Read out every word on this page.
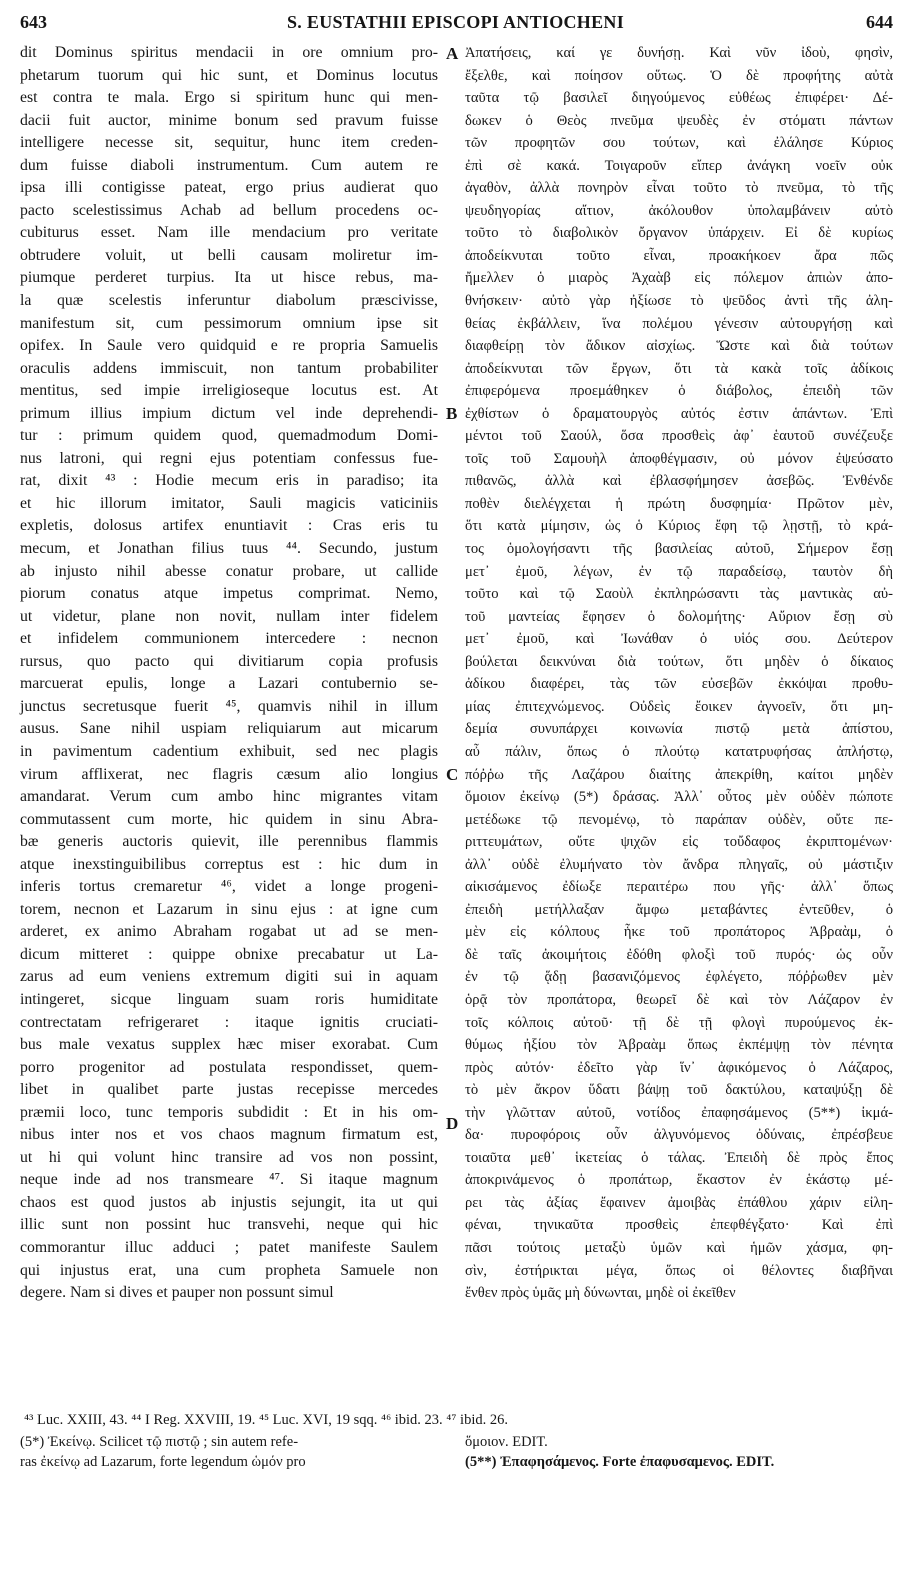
643	S. EUSTATHII EPISCOPI ANTIOCHENI	644
dit Dominus spiritus mendacii in ore omnium pro-
phetarum tuorum qui hic sunt, et Dominus locutus
est contra te mala. Ergo si spiritum hunc qui men-
dacii fuit auctor, minime bonum sed pravum fuisse
intelligere necesse sit, sequitur, hunc item creden-
dum fuisse diaboli instrumentum. Cum autem re
ipsa illi contigisse pateat, ergo prius audierat quo
pacto scelestissimus Achab ad bellum procedens oc-
cubiturus esset. Nam ille mendacium pro veritate
obtrudere voluit, ut belli causam moliretur im-
piumque perderet turpius. Ita ut hisce rebus, ma-
la quæ scelestis inferuntur diabolum præscivisse,
manifestum sit, cum pessimorum omnium ipse sit
opifex. In Saule vero quidquid e re propria Samuelis
oraculis addens immiscuit, non tantum probabiliter
mentitus, sed impie irreligioseque locutus est. At
primum illius impium dictum vel inde deprehendi-
tur : primum quidem quod, quemadmodum Domi-
nus latroni, qui regni ejus potentiam confessus fue-
rat, dixit ⁴³ : Hodie mecum eris in paradiso; ita
et hic illorum imitator, Sauli magicis vaticiniis
expletis, dolosus artifex enuntiavit : Cras eris tu
mecum, et Jonathan filius tuus ⁴⁴. Secundo, justum
ab injusto nihil abesse conatur probare, ut callide
piorum conatus atque impetus comprimat. Nemo,
ut videtur, plane non novit, nullam inter fidelem
et infidelem communionem intercedere : necnon
rursus, quo pacto qui divitiarum copia profusis
marcuerat epulis, longe a Lazari contubernio se-
junctus secretusque fuerit ⁴⁵, quamvis nihil in illum
ausus. Sane nihil uspiam reliquiarum aut micarum
in pavimentum cadentium exhibuit, sed nec plagis
virum afflixerat, nec flagris cæsum alio longius
amandarat. Verum cum ambo hinc migrantes vitam
commutassent cum morte, hic quidem in sinu Abra-
bæ generis auctoris quievit, ille perennibus flammis
atque inexstinguibilibus correptus est : hic dum in
inferis tortus cremaretur ⁴⁶, videt a longe progeni-
torem, necnon et Lazarum in sinu ejus : at igne cum
arderet, ex animo Abraham rogabat ut ad se men-
dicum mitteret : quippe obnixe precabatur ut La-
zarus ad eum veniens extremum digiti sui in aquam
intingeret, sicque linguam suam roris humiditate
contrectatam refrigeraret : itaque ignitis cruciati-
bus male vexatus supplex hæc miser exorabat. Cum
porro progenitor ad postulata respondisset, quem-
libet in qualibet parte justas recepisse mercedes
præmii loco, tunc temporis subdidit : Et in his om-
nibus inter nos et vos chaos magnum firmatum est,
ut hi qui volunt hinc transire ad vos non possint,
neque inde ad nos transmeare ⁴⁷. Si itaque magnum
chaos est quod justos ab injustis sejungit, ita ut qui
illic sunt non possint huc transvehi, neque qui hic
commorantur illuc adduci ; patet manifeste Saulem
qui injustus erat, una cum propheta Samuele non
degere. Nam si dives et pauper non possunt simul
A
B
C
D
Ἀπατήσεις, καί γε δυνήσῃ. Καὶ νῦν ἰδοὺ, φησὶν,
ἔξελθε, καὶ ποίησον οὕτως. Ὁ δὲ προφήτης αὐτὰ
ταῦτα τῷ βασιλεῖ διηγούμενος εὐθέως ἐπιφέρει· Δέ-
δωκεν ὁ Θεὸς πνεῦμα ψευδὲς ἐν στόματι πάντων
τῶν προφητῶν σου τούτων, καὶ ἐλάλησε Κύριος
ἐπὶ σὲ κακά. Τοιγαροῦν εἴπερ ἀνάγκη νοεῖν οὐκ
ἀγαθὸν, ἀλλὰ πονηρὸν εἶναι τοῦτο τὸ πνεῦμα, τὸ τῆς
ψευδηγορίας αἴτιον, ἀκόλουθον ὑπολαμβάνειν αὐτὸ
τοῦτο τὸ διαβολικὸν ὄργανον ὑπάρχειν. Εἰ δὲ κυρίως
ἀποδείκνυται τοῦτο εἶναι, προακήκοεν ἄρα πῶς
ἤμελλεν ὁ μιαρὸς Ἀχαὰβ εἰς πόλεμον ἀπιὼν ἀπο-
θνήσκειν· αὐτὸ γὰρ ἠξίωσε τὸ ψεῦδος ἀντὶ τῆς ἀλη-
θείας ἐκβάλλειν, ἵνα πολέμου γένεσιν αὐτουργήσῃ καὶ
διαφθείρῃ τὸν ἄδικον αἰσχίως. Ὥστε καὶ διὰ τούτων
ἀποδείκνυται τῶν ἔργων, ὅτι τὰ κακὰ τοῖς ἀδίκοις
ἐπιφερόμενα προεμάθηκεν ὁ διάβολος, ἐπειδὴ τῶν
ἐχθίστων ὁ δραματουργὸς αὐτός ἐστιν ἁπάντων. Ἐπὶ
μέντοι τοῦ Σαούλ, ὅσα προσθεὶς ἀφ᾽ ἑαυτοῦ συνέζευξε
τοῖς τοῦ Σαμουὴλ ἀποφθέγμασιν, οὐ μόνον ἐψεύσατο
πιθανῶς, ἀλλὰ καὶ ἐβλασφήμησεν ἀσεβῶς. Ἐνθένδε
ποθὲν διελέγχεται ἡ πρώτη δυσφημία· Πρῶτον μὲν,
ὅτι κατὰ μίμησιν, ὡς ὁ Κύριος ἔφη τῷ λῃστῇ, τὸ κρά-
τος ὁμολογήσαντι τῆς βασιλείας αὐτοῦ, Σήμερον ἔσῃ
μετ᾽ ἐμοῦ, λέγων, ἐν τῷ παραδείσῳ, ταυτὸν δὴ
τοῦτο καὶ τῷ Σαοὺλ ἐκπληρώσαντι τὰς μαντικὰς αὐ-
τοῦ μαντείας ἔφησεν ὁ δολομήτης· Αὔριον ἔσῃ σὺ
μετ᾽ ἐμοῦ, καὶ Ἰωνάθαν ὁ υἱός σου. Δεύτερον
βούλεται δεικνύναι διὰ τούτων, ὅτι μηδὲν ὁ δίκαιος
ἀδίκου διαφέρει, τὰς τῶν εὐσεβῶν ἐκκόψαι προθυ-
μίας ἐπιτεχνώμενος. Οὐδεὶς ἔοικεν ἀγνοεῖν, ὅτι μη-
δεμία συνυπάρχει κοινωνία πιστῷ μετὰ ἀπίστου,
αὖ πάλιν, ὅπως ὁ πλούτῳ κατατρυφήσας ἀπλήστῳ,
πόῤῥω τῆς Λαζάρου διαίτης ἀπεκρίθη, καίτοι μηδὲν
ὅμοιον ἐκείνῳ (5*) δράσας. Ἀλλ᾽ οὗτος μὲν οὐδὲν πώποτε
μετέδωκε τῷ πενομένῳ, τὸ παράπαν οὐδὲν, οὔτε πε-
ριττευμάτων, οὔτε ψιχῶν εἰς τοὔδαφος ἐκριπτομένων·
ἀλλ᾽ οὐδὲ ἐλυμήνατο τὸν ἄνδρα πληγαῖς, οὐ μάστιξιν
αἰκισάμενος ἐδίωξε περαιτέρω που γῆς· ἀλλ᾽ ὅπως
ἐπειδὴ μετήλλαξαν ἄμφω μεταβάντες ἐντεῦθεν, ὁ
μὲν εἰς κόλπους ἧκε τοῦ προπάτορος Ἀβραὰμ, ὁ
δὲ ταῖς ἀκοιμήτοις ἐδόθη φλοξὶ τοῦ πυρός· ὡς οὖν
ἐν τῷ ᾅδῃ βασανιζόμενος ἐφλέγετο, πόῤῥωθεν μὲν
ὁρᾷ τὸν προπάτορα, θεωρεῖ δὲ καὶ τὸν Λάζαρον ἐν
τοῖς κόλποις αὐτοῦ· τῇ δὲ τῇ φλογὶ πυρούμενος ἐκ-
θύμως ἠξίου τὸν Ἀβραὰμ ὅπως ἐκπέμψῃ τὸν πένητα
πρὸς αὐτόν· ἐδεῖτο γὰρ ἵν᾽ ἀφικόμενος ὁ Λάζαρος,
τὸ μὲν ἄκρον ὕδατι βάψῃ τοῦ δακτύλου, καταψύξῃ δὲ
τὴν γλῶτταν αὐτοῦ, νοτίδος ἐπαφησάμενος (5**) ἰκμά-
δα· πυροφόροις οὖν ἀλγυνόμενος ὀδύναις, ἐπρέσβευε
τοιαῦτα μεθ᾽ ἱκετείας ὁ τάλας. Ἐπειδὴ δὲ πρὸς ἔπος
ἀποκρινάμενος ὁ προπάτωρ, ἕκαστον ἐν ἑκάστῳ μέ-
ρει τὰς ἀξίας ἔφαινεν ἀμοιβὰς ἐπάθλου χάριν εἰλη-
φέναι, τηνικαῦτα προσθεὶς ἐπεφθέγξατο· Καὶ ἐπὶ
πᾶσι τούτοις μεταξὺ ὑμῶν καὶ ἡμῶν χάσμα, φη-
σὶν, ἐστήρικται μέγα, ὅπως οἱ θέλοντες διαβῆναι
ἔνθεν πρὸς ὑμᾶς μὴ δύνωνται, μηδὲ οἱ ἐκεῖθεν
⁴³ Luc. XXIII, 43. ⁴⁴ I Reg. XXVIII, 19. ⁴⁵ Luc. XVI, 19 sqq. ⁴⁶ ibid. 23. ⁴⁷ ibid. 26.
(5*) Ἐκείνῳ. Scilicet τῷ πιστῷ ; sin autem refe-
ras ἐκείνῳ ad Lazarum, forte legendum ὡμόν pro
ὅμοιον. EDIT.
(5**) Ἐπαφησάμενος. Forte ἐπαφυσαμενος. EDIT.
